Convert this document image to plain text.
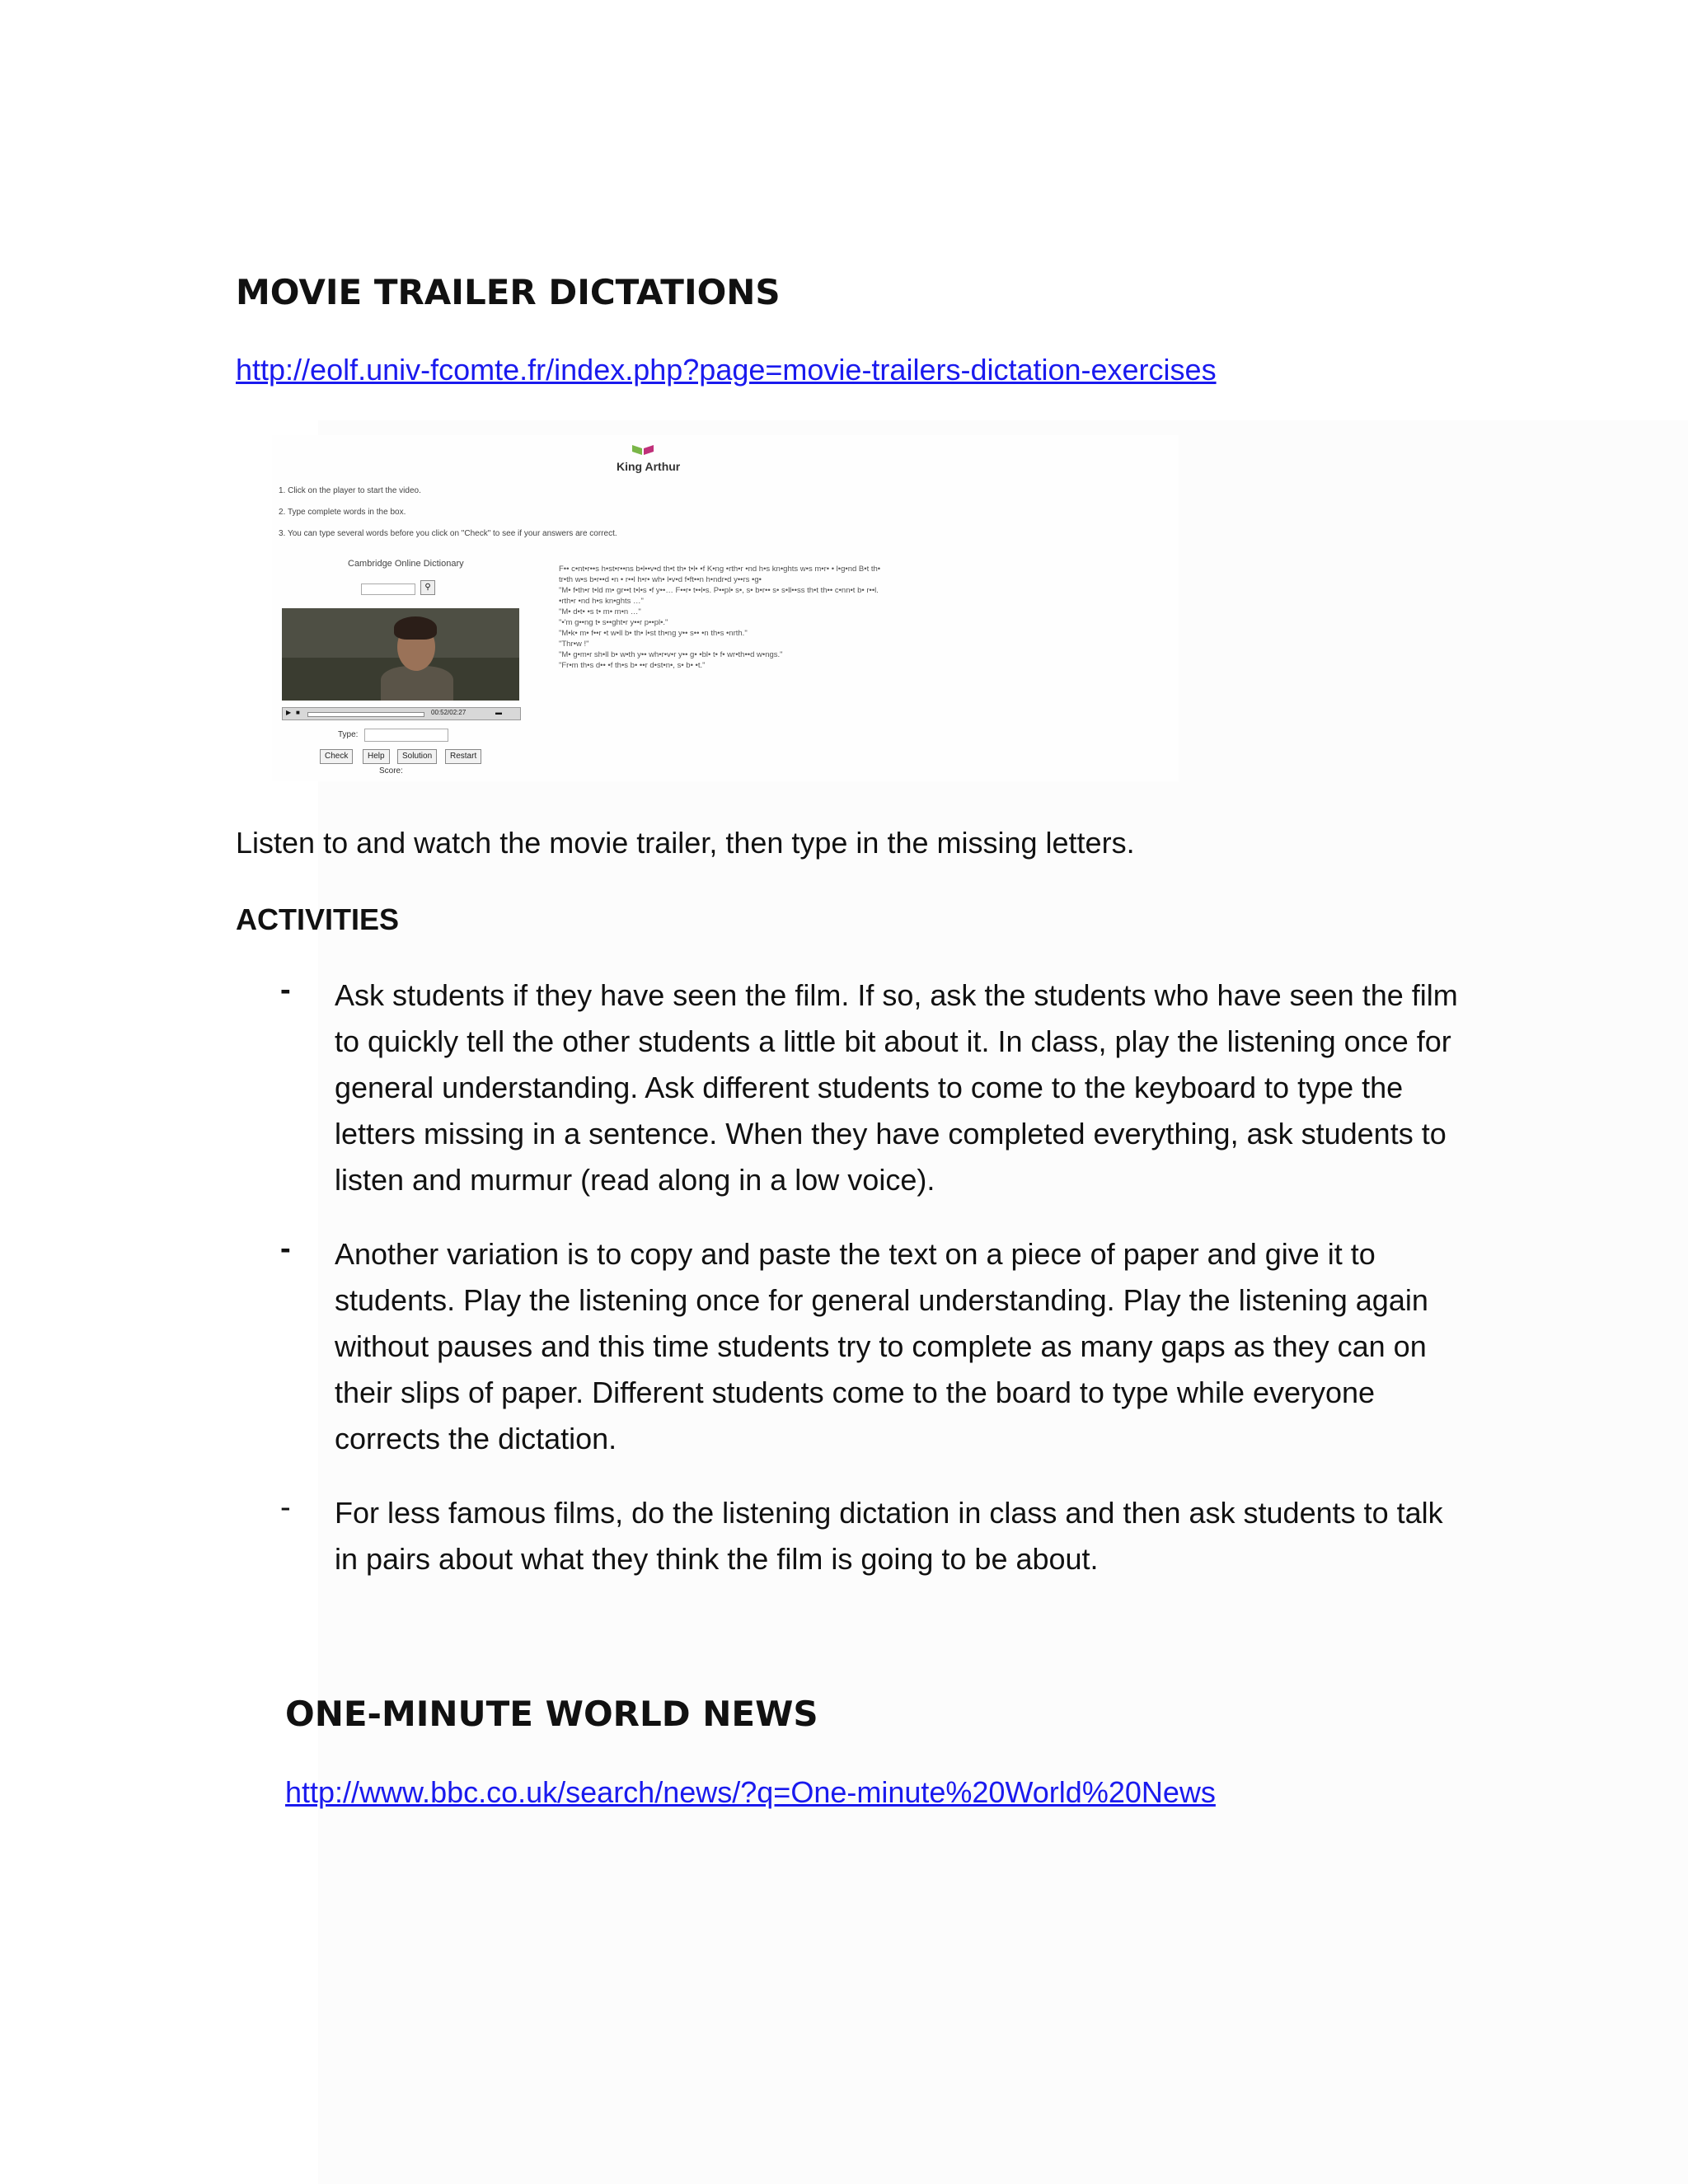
MOVIE TRAILER DICTATIONS
http://eolf.univ-fcomte.fr/index.php?page=movie-trailers-dictation-exercises
King Arthur
1. Click on the player to start the video.
2. Type complete words in the box.
3. You can type several words before you click on "Check" to see if your answers are correct.
Cambridge Online Dictionary
⚲
▶ ■	00:52/02:27	▬
Type:
Check	Help	Solution	Restart
Score:
F•• c•nt•r••s h•st•r••ns b•l••v•d th•t th• t•l• •f K•ng •rth•r •nd h•s kn•ghts w•s m•r• • l•g•nd B•t th•
tr•th w•s b•r••d •n • r••l h•r• wh• l•v•d f•ft••n h•ndr•d y••rs •g•
"M• f•th•r t•ld m• gr••t t•l•s •f y••… F••r• t••l•s. P••pl• s•, s• b•r•• s• s•ll••ss th•t th•• c•nn•t b• r••l.
•rth•r •nd h•s kn•ghts …"
"M• d•t• •s t• m• m•n …"
"•'m g••ng t• s••ght•r y••r p••pl•."
"M•k• m• f••r •t w•ll b• th• l•st th•ng y•• s•• •n th•s •nrth."
"Thr•w !"
"M• g•m•r sh•ll b• w•th y•• wh•r•v•r y•• g• •bl• t• f• wr•th••d w•ngs."
"Fr•m th•s d•• •f th•s b• ••r d•st•n•, s• b• •t."
Listen to and watch the movie trailer, then type in the missing letters.
ACTIVITIES
- Ask students if they have seen the film. If so, ask the students who have seen the film to quickly tell the other students a little bit about it. In class, play the listening once for general understanding. Ask different students to come to the keyboard to type the letters missing in a sentence. When they have completed everything, ask students to listen and murmur (read along in a low voice).
- Another variation is to copy and paste the text on a piece of paper and give it to students. Play the listening once for general understanding. Play the listening again without pauses and this time students try to complete as many gaps as they can on their slips of paper. Different students come to the board to type while everyone corrects the dictation.
- For less famous films, do the listening dictation in class and then ask students to talk in pairs about what they think the film is going to be about.
ONE-MINUTE WORLD NEWS
http://www.bbc.co.uk/search/news/?q=One-minute%20World%20News
